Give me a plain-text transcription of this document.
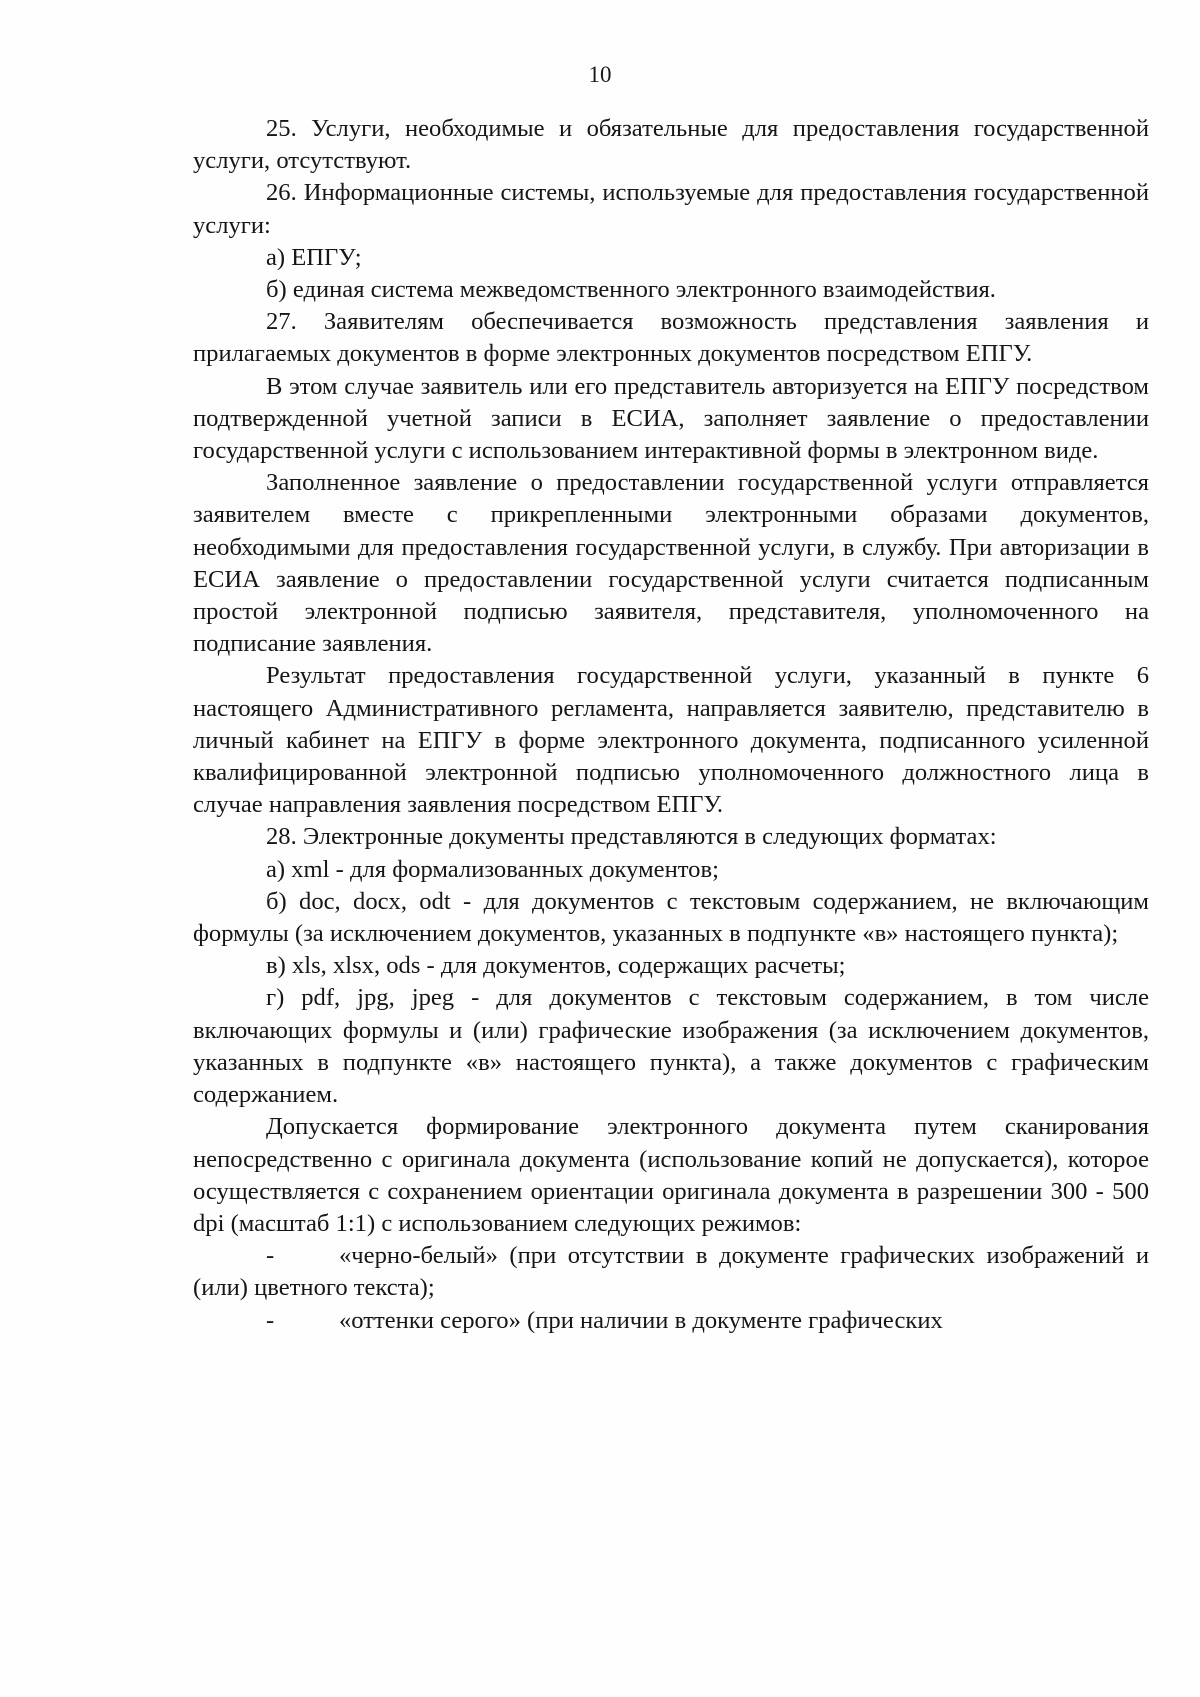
10

25. Услуги, необходимые и обязательные для предоставления государственной услуги, отсутствуют.

26. Информационные системы, используемые для предоставления государственной услуги:

а) ЕПГУ;

б) единая система межведомственного электронного взаимодействия.

27. Заявителям обеспечивается возможность представления заявления и прилагаемых документов в форме электронных документов посредством ЕПГУ.

В этом случае заявитель или его представитель авторизуется на ЕПГУ посредством подтвержденной учетной записи в ЕСИА, заполняет заявление о предоставлении государственной услуги с использованием интерактивной формы в электронном виде.

Заполненное заявление о предоставлении государственной услуги отправляется заявителем вместе с прикрепленными электронными образами документов, необходимыми для предоставления государственной услуги, в службу. При авторизации в ЕСИА заявление о предоставлении государственной услуги считается подписанным простой электронной подписью заявителя, представителя, уполномоченного на подписание заявления.

Результат предоставления государственной услуги, указанный в пункте 6 настоящего Административного регламента, направляется заявителю, представителю в личный кабинет на ЕПГУ в форме электронного документа, подписанного усиленной квалифицированной электронной подписью уполномоченного должностного лица в случае направления заявления посредством ЕПГУ.

28. Электронные документы представляются в следующих форматах:

а) xml - для формализованных документов;

б) doc, docx, odt - для документов с текстовым содержанием, не включающим формулы (за исключением документов, указанных в подпункте «в» настоящего пункта);

в) xls, xlsx, ods - для документов, содержащих расчеты;

г) pdf, jpg, jpeg - для документов с текстовым содержанием, в том числе включающих формулы и (или) графические изображения (за исключением документов, указанных в подпункте «в» настоящего пункта), а также документов с графическим содержанием.

Допускается формирование электронного документа путем сканирования непосредственно с оригинала документа (использование копий не допускается), которое осуществляется с сохранением ориентации оригинала документа в разрешении 300 - 500 dpi (масштаб 1:1) с использованием следующих режимов:

-	«черно-белый» (при отсутствии в документе графических изображений и (или) цветного текста);

-	«оттенки серого» (при наличии в документе графических
